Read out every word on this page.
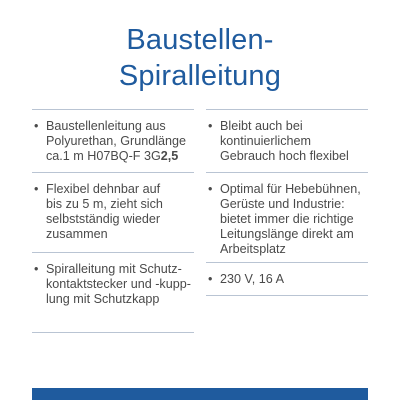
Baustellen-
Spiralleitung
• Baustellenleitung aus
Polyurethan, Grundlänge
ca.1 m H07BQ-F 3G2,5
• Flexibel dehnbar auf
bis zu 5 m, zieht sich
selbstständig wieder
zusammen
• Spiralleitung mit Schutz-
kontaktstecker und -kupp-
lung mit Schutzkapp
• Bleibt auch bei
kontinuierlichem
Gebrauch hoch flexibel
• Optimal für Hebebühnen,
Gerüste und Industrie:
bietet immer die richtige
Leitungslänge direkt am
Arbeitsplatz
• 230 V, 16 A
